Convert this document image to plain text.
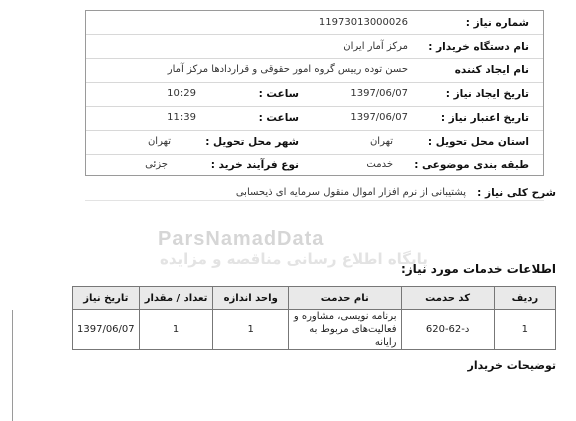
ParsNamadData
پایگاه اطلاع رسانی مناقصه و مزایده
شماره نیاز :
11973013000026
نام دستگاه خریدار :
مرکز آمار ایران
نام ایجاد کننده
حسن توده رییس گروه امور حقوقی و قراردادها مرکز آمار
تاریخ ایجاد نیاز :
1397/06/07
ساعت :
10:29
تاریخ اعتبار نیاز :
1397/06/07
ساعت :
11:39
استان محل تحویل :
تهران
شهر محل تحویل :
تهران
طبقه بندی موضوعی :
خدمت
نوع فرآیند خرید :
جزئی
شرح کلی نیاز :
پشتیبانی از نرم افزار اموال منقول سرمایه ای ذیحسابی
اطلاعات خدمات مورد نیاز:
ردیف	کد حدمت	نام حدمت	واحد اندازه	تعداد / مقدار	تاریخ نیاز
1	د-62-620	برنامه نویسی، مشاوره و فعالیت‌های مربوط به رایانه	1	1	1397/06/07
توضیحات خریدار
